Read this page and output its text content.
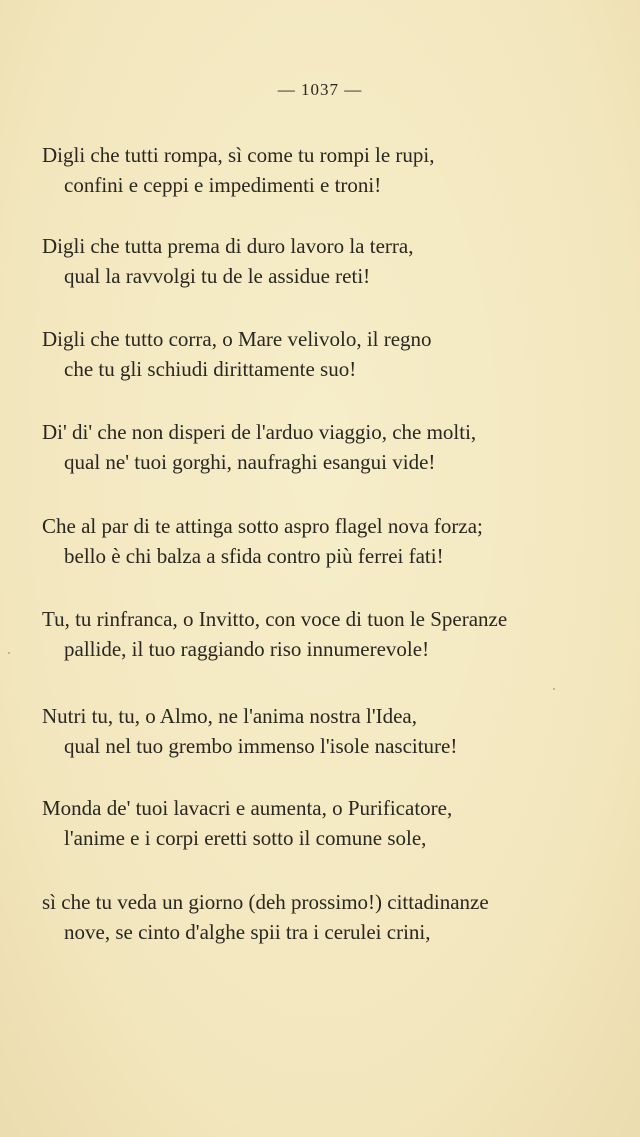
— 1037 —
Digli che tutti rompa, sì come tu rompi le rupi,
confini e ceppi e impedimenti e troni!
Digli che tutta prema di duro lavoro la terra,
qual la ravvolgi tu de le assidue reti!
Digli che tutto corra, o Mare velivolo, il regno
che tu gli schiudi dirittamente suo!
Di' di' che non disperi de l'arduo viaggio, che molti,
qual ne' tuoi gorghi, naufraghi esangui vide!
Che al par di te attinga sotto aspro flagel nova forza;
bello è chi balza a sfida contro più ferrei fati!
Tu, tu rinfranca, o Invitto, con voce di tuon le Speranze
pallide, il tuo raggiando riso innumerevole!
Nutri tu, tu, o Almo, ne l'anima nostra l'Idea,
qual nel tuo grembo immenso l'isole nasciture!
Monda de' tuoi lavacri e aumenta, o Purificatore,
l'anime e i corpi eretti sotto il comune sole,
sì che tu veda un giorno (deh prossimo!) cittadinanze
nove, se cinto d'alghe spii tra i cerulei crini,
